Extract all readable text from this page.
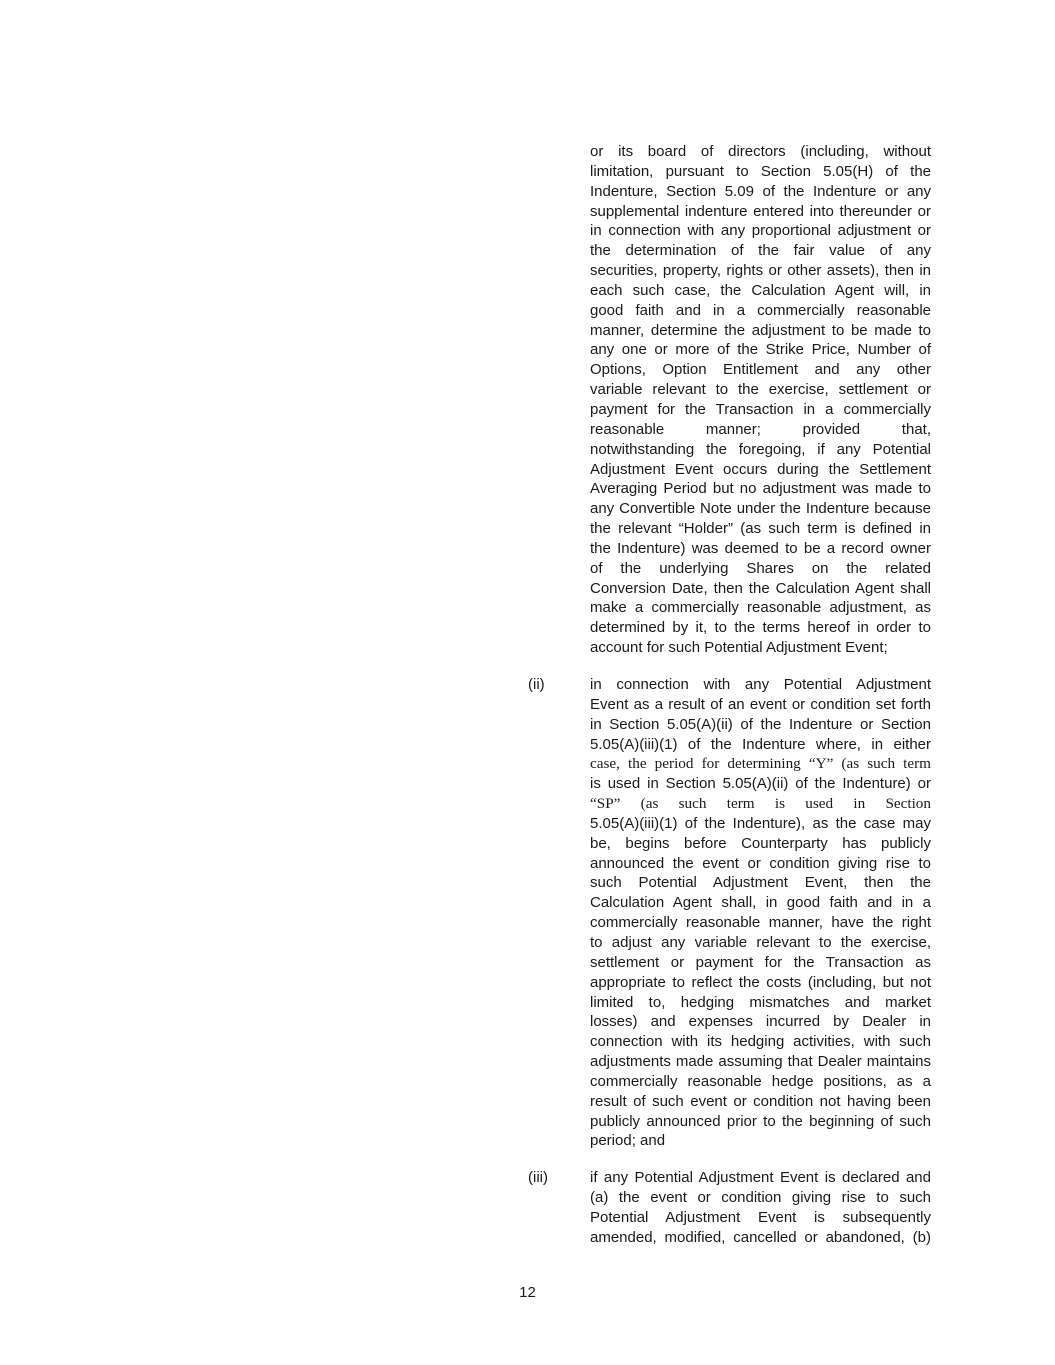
or its board of directors (including, without
limitation, pursuant to Section 5.05(H) of the
Indenture, Section 5.09 of the Indenture or any
supplemental indenture entered into thereunder or
in connection with any proportional adjustment or
the determination of the fair value of any
securities, property, rights or other assets), then in
each such case, the Calculation Agent will, in
good faith and in a commercially reasonable
manner, determine the adjustment to be made to
any one or more of the Strike Price, Number of
Options, Option Entitlement and any other
variable relevant to the exercise, settlement or
payment for the Transaction in a commercially
reasonable manner; provided that,
notwithstanding the foregoing, if any Potential
Adjustment Event occurs during the Settlement
Averaging Period but no adjustment was made to
any Convertible Note under the Indenture because
the relevant “Holder” (as such term is defined in
the Indenture) was deemed to be a record owner
of the underlying Shares on the related
Conversion Date, then the Calculation Agent shall
make a commercially reasonable adjustment, as
determined by it, to the terms hereof in order to
account for such Potential Adjustment Event;
(ii)	in connection with any Potential Adjustment
Event as a result of an event or condition set forth
in Section 5.05(A)(ii) of the Indenture or Section
5.05(A)(iii)(1) of the Indenture where, in either
case, the period for determining “Y” (as such term
is used in Section 5.05(A)(ii) of the Indenture) or
“SP” (as such term is used in Section
5.05(A)(iii)(1) of the Indenture), as the case may
be, begins before Counterparty has publicly
announced the event or condition giving rise to
such Potential Adjustment Event, then the
Calculation Agent shall, in good faith and in a
commercially reasonable manner, have the right
to adjust any variable relevant to the exercise,
settlement or payment for the Transaction as
appropriate to reflect the costs (including, but not
limited to, hedging mismatches and market
losses) and expenses incurred by Dealer in
connection with its hedging activities, with such
adjustments made assuming that Dealer maintains
commercially reasonable hedge positions, as a
result of such event or condition not having been
publicly announced prior to the beginning of such
period; and
(iii)	if any Potential Adjustment Event is declared and
(a) the event or condition giving rise to such
Potential Adjustment Event is subsequently
amended, modified, cancelled or abandoned, (b)
12
